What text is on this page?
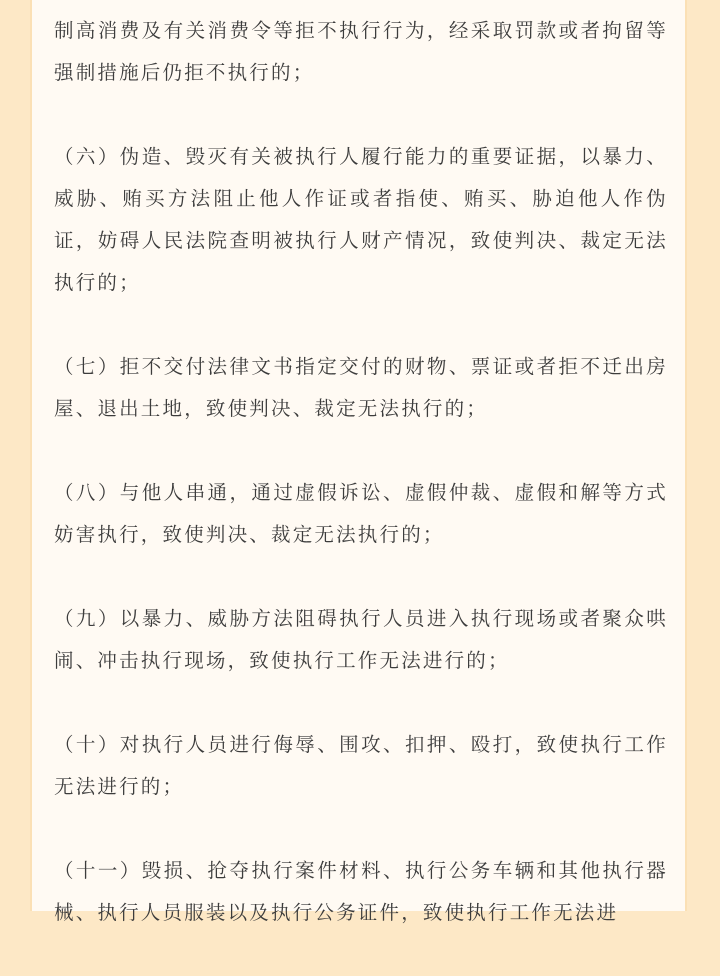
制高消费及有关消费令等拒不执行行为，经采取罚款或者拘留等强制措施后仍拒不执行的；

（六）伪造、毁灭有关被执行人履行能力的重要证据，以暴力、威胁、贿买方法阻止他人作证或者指使、贿买、胁迫他人作伪证，妨碍人民法院查明被执行人财产情况，致使判决、裁定无法执行的；

（七）拒不交付法律文书指定交付的财物、票证或者拒不迁出房屋、退出土地，致使判决、裁定无法执行的；

（八）与他人串通，通过虚假诉讼、虚假仲裁、虚假和解等方式妨害执行，致使判决、裁定无法执行的；

（九）以暴力、威胁方法阻碍执行人员进入执行现场或者聚众哄闹、冲击执行现场，致使执行工作无法进行的；

（十）对执行人员进行侮辱、围攻、扣押、殴打，致使执行工作无法进行的；

（十一）毁损、抢夺执行案件材料、执行公务车辆和其他执行器械、执行人员服装以及执行公务证件，致使执行工作无法进
